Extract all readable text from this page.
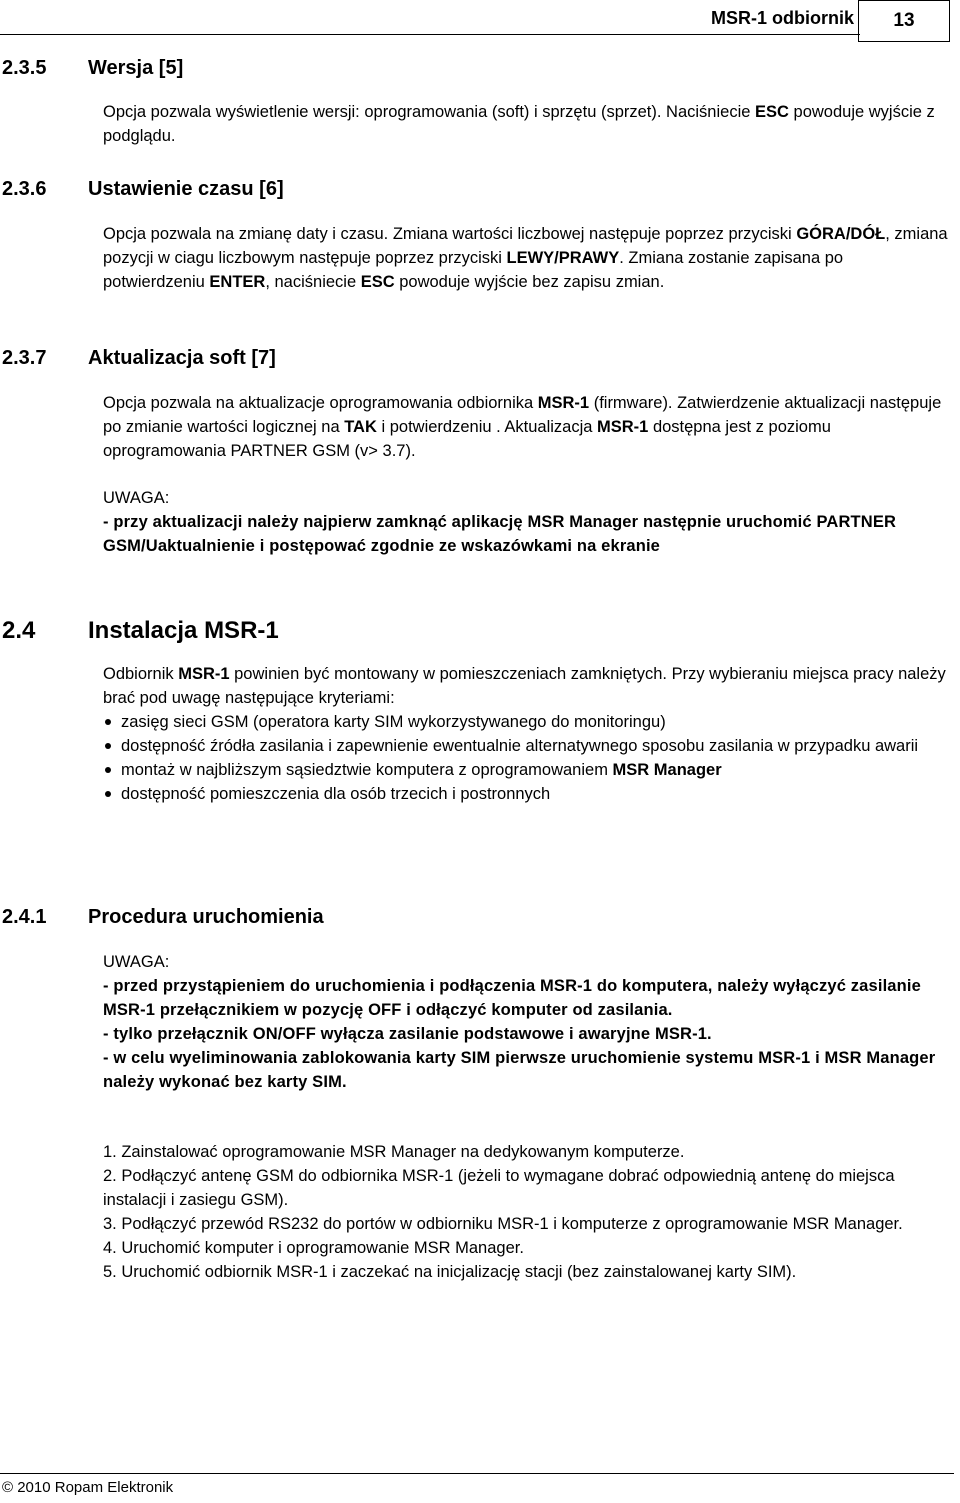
MSR-1 odbiornik 13
2.3.5 Wersja [5]

Opcja pozwala wyświetlenie wersji: oprogramowania (soft) i sprzętu (sprzet). Naciśniecie ESC powoduje wyjście z podglądu.

2.3.6 Ustawienie czasu [6]

Opcja pozwala na zmianę daty i czasu. Zmiana wartości liczbowej następuje poprzez przyciski GÓRA/DÓŁ, zmiana pozycji w ciagu liczbowym następuje poprzez przyciski LEWY/PRAWY. Zmiana zostanie zapisana po potwierdzeniu ENTER, naciśniecie ESC powoduje wyjście bez zapisu zmian.

2.3.7 Aktualizacja soft [7]

Opcja pozwala na aktualizacje oprogramowania odbiornika MSR-1 (firmware). Zatwierdzenie aktualizacji następuje po zmianie wartości logicznej na TAK i potwierdzeniu . Aktualizacja MSR-1 dostępna jest z poziomu oprogramowania PARTNER GSM (v> 3.7).

UWAGA:
- przy aktualizacji należy najpierw zamknąć aplikację MSR Manager następnie uruchomić PARTNER GSM/Uaktualnienie i postępować zgodnie ze wskazówkami na ekranie
2.4 Instalacja MSR-1

Odbiornik MSR-1 powinien być montowany w pomieszczeniach zamkniętych. Przy wybieraniu miejsca pracy należy brać pod uwagę następujące kryteriami:

zasięg sieci GSM (operatora karty SIM wykorzystywanego do monitoringu)
dostępność źródła zasilania i zapewnienie ewentualnie alternatywnego sposobu zasilania w przypadku awarii
montaż w najbliższym sąsiedztwie komputera z oprogramowaniem MSR Manager
dostępność pomieszczenia dla osób trzecich i postronnych
2.4.1 Procedura uruchomienia
UWAGA:
- przed przystąpieniem do uruchomienia i podłączenia MSR-1 do komputera, należy wyłączyć zasilanie MSR-1 przełącznikiem w pozycję OFF i odłączyć komputer od zasilania.
- tylko przełącznik ON/OFF wyłącza zasilanie podstawowe i awaryjne MSR-1.
- w celu wyeliminowania zablokowania karty SIM pierwsze uruchomienie systemu MSR-1 i MSR Manager należy wykonać bez karty SIM.
1. Zainstalować oprogramowanie MSR Manager na dedykowanym komputerze.
2. Podłączyć antenę GSM do odbiornika MSR-1 (jeżeli to wymagane dobrać odpowiednią antenę do miejsca instalacji i zasiegu GSM).
3. Podłączyć przewód RS232 do portów w odbiorniku MSR-1 i komputerze z oprogramowanie MSR Manager.
4. Uruchomić komputer i oprogramowanie MSR Manager.
5. Uruchomić odbiornik MSR-1 i zaczekać na inicjalizację stacji (bez zainstalowanej karty SIM).
© 2010 Ropam Elektronik
